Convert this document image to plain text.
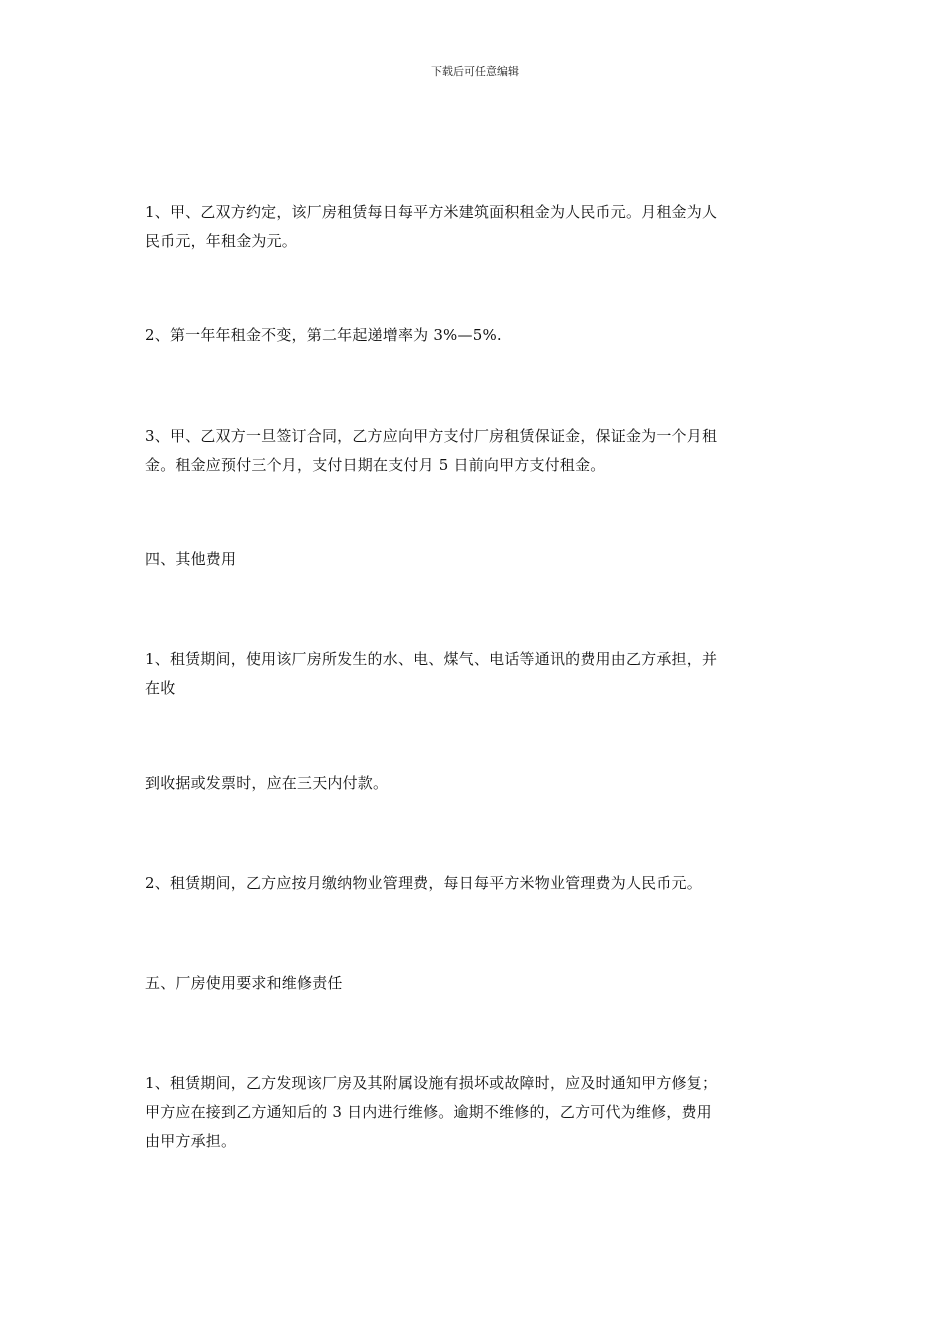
下载后可任意编辑
1、甲、乙双方约定，该厂房租赁每日每平方米建筑面积租金为人民币元。月租金为人
民币元，年租金为元。
2、第一年年租金不变，第二年起递增率为 3%—5%.
3、甲、乙双方一旦签订合同，乙方应向甲方支付厂房租赁保证金，保证金为一个月租
金。租金应预付三个月，支付日期在支付月 5 日前向甲方支付租金。
四、其他费用
1、租赁期间，使用该厂房所发生的水、电、煤气、电话等通讯的费用由乙方承担，并
在收
到收据或发票时，应在三天内付款。
2、租赁期间，乙方应按月缴纳物业管理费，每日每平方米物业管理费为人民币元。
五、厂房使用要求和维修责任
1、租赁期间，乙方发现该厂房及其附属设施有损坏或故障时，应及时通知甲方修复；
甲方应在接到乙方通知后的 3 日内进行维修。逾期不维修的，乙方可代为维修，费用
由甲方承担。
